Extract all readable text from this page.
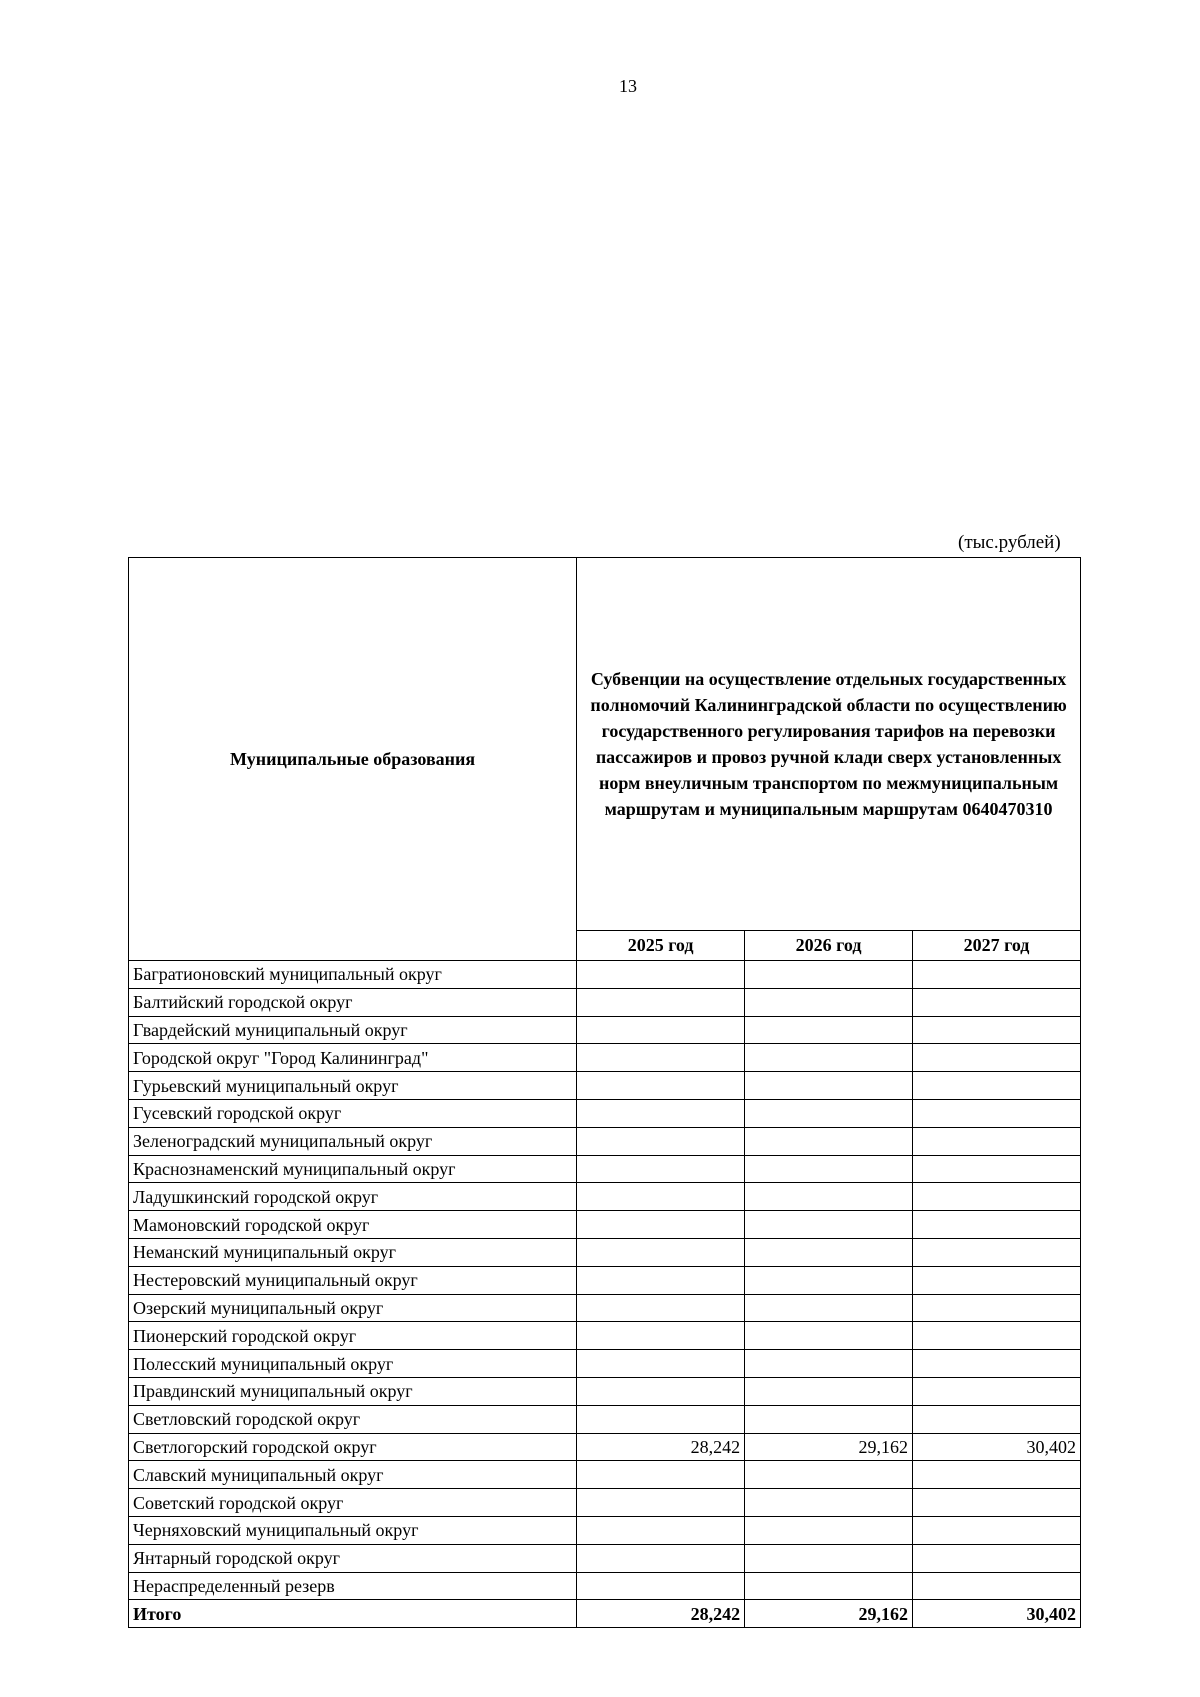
13
(тыс.рублей)
Муниципальные образования	Субвенции на осуществление отдельных государственных полномочий Калининградской области по осуществлению государственного регулирования тарифов на перевозки пассажиров и провоз ручной клади сверх установленных норм внеуличным транспортом по межмуниципальным маршрутам и муниципальным маршрутам 0640470310		
	2025 год	2026 год	2027 год
Багратионовский муниципальный округ			
Балтийский городской округ			
Гвардейский муниципальный округ			
Городской округ "Город Калининград"			
Гурьевский муниципальный округ			
Гусевский городской округ			
Зеленоградский муниципальный округ			
Краснознаменский муниципальный округ			
Ладушкинский городской округ			
Мамоновский городской округ			
Неманский муниципальный округ			
Нестеровский муниципальный округ			
Озерский муниципальный округ			
Пионерский городской округ			
Полесский муниципальный округ			
Правдинский муниципальный округ			
Светловский городской округ			
Светлогорский городской округ	28,242	29,162	30,402
Славский муниципальный округ			
Советский городской округ			
Черняховский муниципальный округ			
Янтарный городской округ			
Нераспределенный резерв			
Итого	28,242	29,162	30,402
